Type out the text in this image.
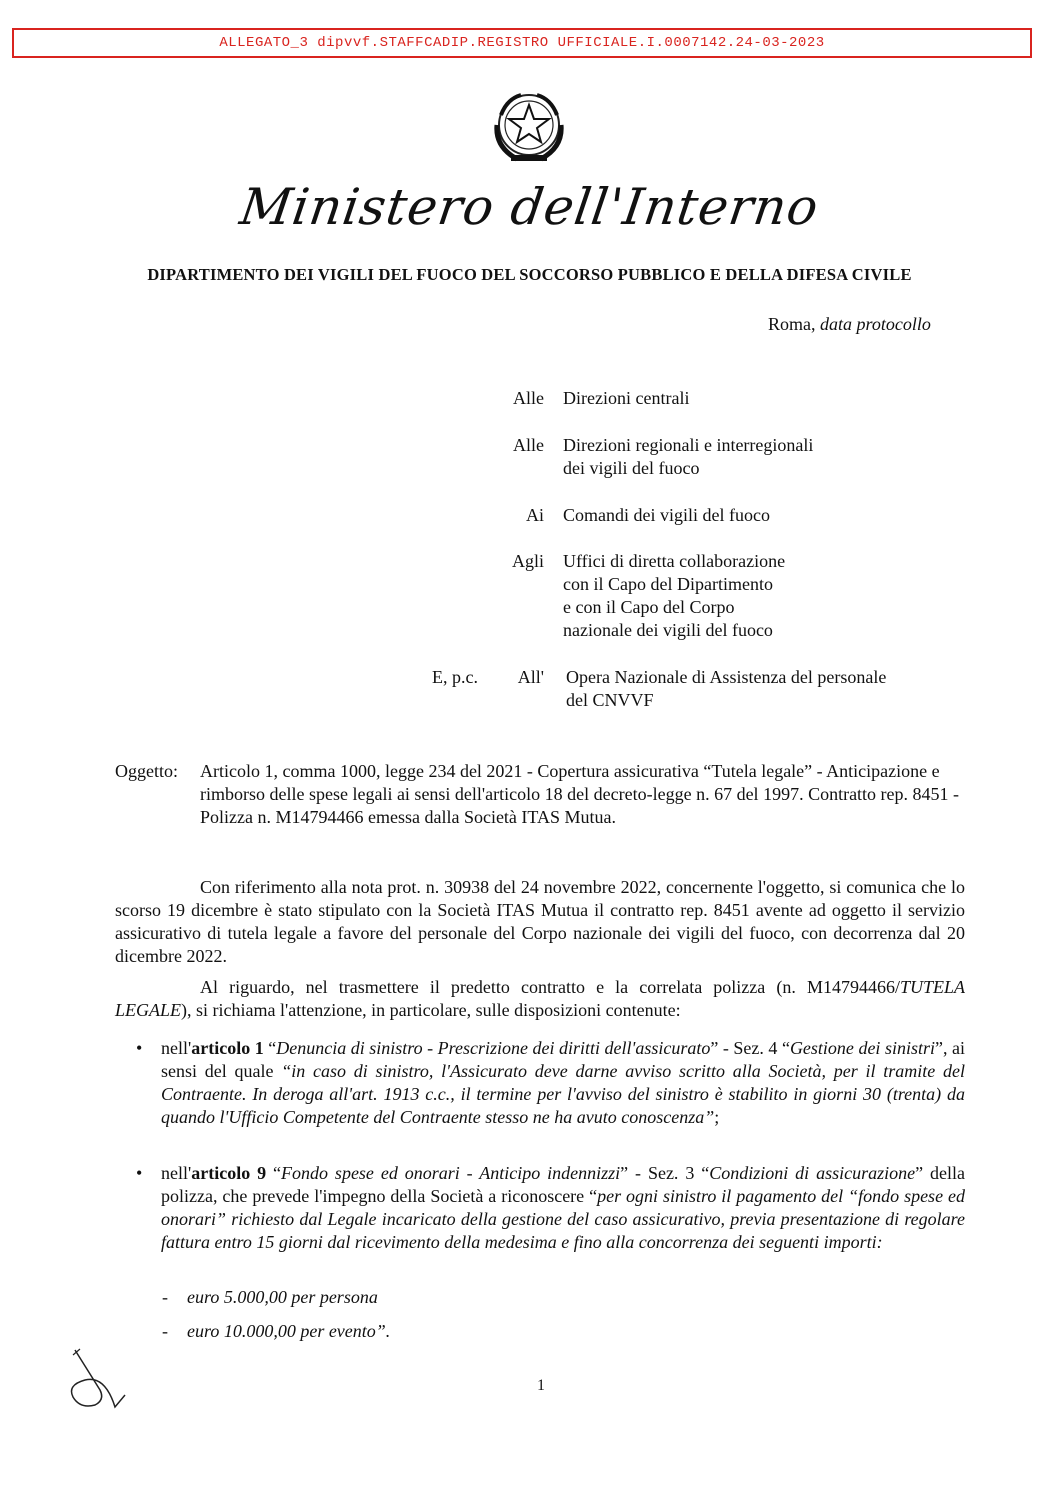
ALLEGATO_3 dipvvf.STAFFCADIP.REGISTRO UFFICIALE.I.0007142.24-03-2023
Ministero dell'Interno
DIPARTIMENTO DEI VIGILI DEL FUOCO DEL SOCCORSO PUBBLICO E DELLA DIFESA CIVILE
Roma, data protocollo
Alle Direzioni centrali
Alle Direzioni regionali e interregionali
dei vigili del fuoco
Ai Comandi dei vigili del fuoco
Agli Uffici di diretta collaborazione
con il Capo del Dipartimento
e con il Capo del Corpo
nazionale dei vigili del fuoco
E, p.c. All' Opera Nazionale di Assistenza del personale
del CNVVF
Oggetto: Articolo 1, comma 1000, legge 234 del 2021 - Copertura assicurativa “Tutela legale” - Anticipazione e rimborso delle spese legali ai sensi dell'articolo 18 del decreto-legge n. 67 del 1997. Contratto rep. 8451 - Polizza n. M14794466 emessa dalla Società ITAS Mutua.
Con riferimento alla nota prot. n. 30938 del 24 novembre 2022, concernente l'oggetto, si comunica che lo scorso 19 dicembre è stato stipulato con la Società ITAS Mutua il contratto rep. 8451 avente ad oggetto il servizio assicurativo di tutela legale a favore del personale del Corpo nazionale dei vigili del fuoco, con decorrenza dal 20 dicembre 2022.
Al riguardo, nel trasmettere il predetto contratto e la correlata polizza (n. M14794466/TUTELA LEGALE), si richiama l'attenzione, in particolare, sulle disposizioni contenute:
• nell'articolo 1 “Denuncia di sinistro - Prescrizione dei diritti dell'assicurato” - Sez. 4 “Gestione dei sinistri”, ai sensi del quale “in caso di sinistro, l'Assicurato deve darne avviso scritto alla Società, per il tramite del Contraente. In deroga all'art. 1913 c.c., il termine per l'avviso del sinistro è stabilito in giorni 30 (trenta) da quando l'Ufficio Competente del Contraente stesso ne ha avuto conoscenza”;
• nell'articolo 9 “Fondo spese ed onorari - Anticipo indennizzi” - Sez. 3 “Condizioni di assicurazione” della polizza, che prevede l'impegno della Società a riconoscere “per ogni sinistro il pagamento del “fondo spese ed onorari” richiesto dal Legale incaricato della gestione del caso assicurativo, previa presentazione di regolare fattura entro 15 giorni dal ricevimento della medesima e fino alla concorrenza dei seguenti importi:
- euro 5.000,00 per persona
- euro 10.000,00 per evento”.
1
